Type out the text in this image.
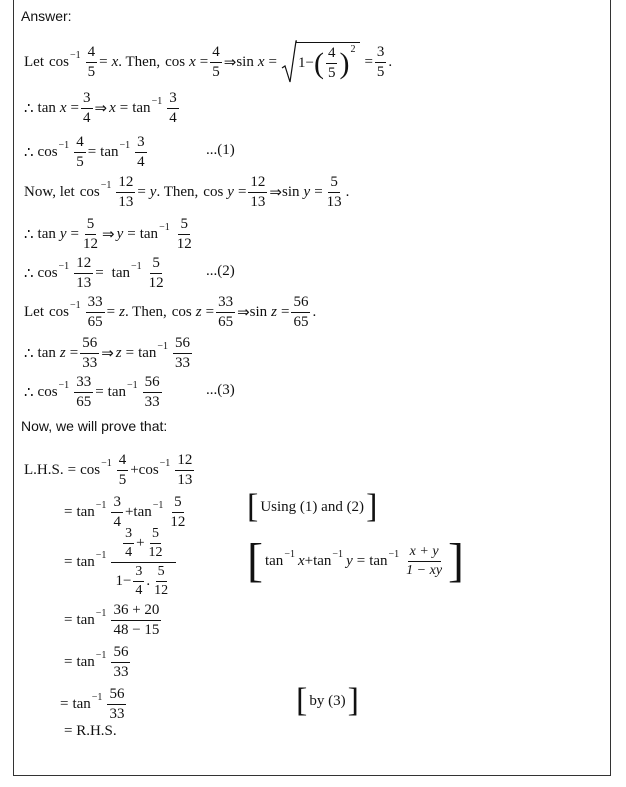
Answer:
Let $\cos -1 \frac{4}{5} = x$ . Then, $\cos x = \frac{4}{5}$ ⇒ sin x = 1 − ( $\frac{4}{5}$ ) 2
= $\frac{3}{5}$ .
∴ $\tan x = \frac{3}{4}$ ⇒ $x = \tan -1 \frac{3}{4}$
∴ $\cos -1 \frac{4}{5} = \tan -1 \frac{3}{4}$	...(1)
Now, let $\cos -1 \frac{12}{13} = y$ . Then, $\cos y = \frac{12}{13}$ ⇒ $\sin y = \frac{5}{13}$ .
∴ $\tan y = \frac{5}{12}$ ⇒ $y = \tan -1 \frac{5}{12}$
∴ $\cos -1 \frac{12}{13} = \tan -1 \frac{5}{12}$	...(2)
Let $\cos -1 \frac{33}{65} = z$ . Then, $\cos z = \frac{33}{65}$ ⇒ $\sin z = \frac{56}{65}$ .
∴ $\tan z = \frac{56}{33}$ ⇒ $z = \tan -1 \frac{56}{33}$
∴ $\cos -1 \frac{33}{65} = \tan -1 \frac{56}{33}$	...(3)
Now, we will prove that:
L.H.S. = $\cos -1 \frac{4}{5} + \cos -1 \frac{12}{13}$
= $\tan -1 \frac{3}{4} + \tan -1 \frac{5}{12}$ [ Using (1) and (2) ]
= $\tan -1 \frac{3}{4} + \frac{5}{12}$
$1 - \frac{3}{4}$ . $\frac{5}{12}$ [ tan −1 x + tan −1 $y = \tan -1 \frac{x + y}{1 - xy}$ ]
= $\tan -1 \frac{36 + 20}{48 - 15}$
= $\tan -1 \frac{56}{33}$
= $\tan -1 \frac{56}{33}$	[ by (3) ]
= R.H.S.
